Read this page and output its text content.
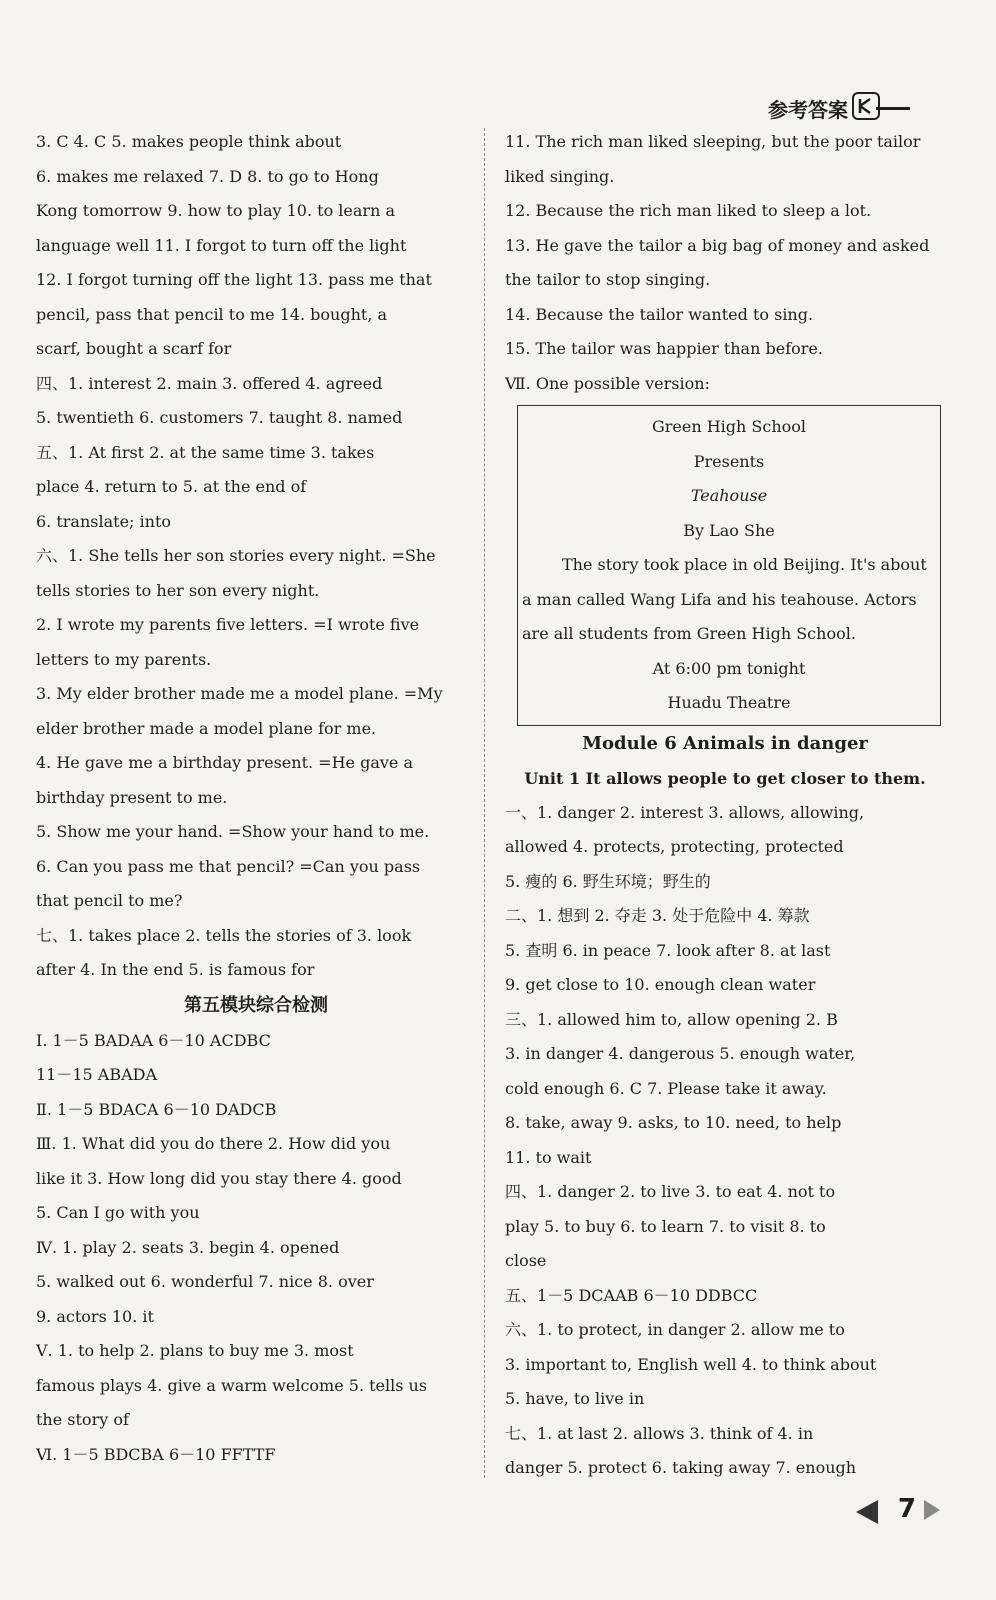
参考答案
3. C 4. C 5. makes people think about
6. makes me relaxed 7. D 8. to go to Hong
Kong tomorrow 9. how to play 10. to learn a
language well 11. I forgot to turn off the light
12. I forgot turning off the light 13. pass me that
pencil, pass that pencil to me 14. bought, a
scarf, bought a scarf for
四、1. interest 2. main 3. offered 4. agreed
5. twentieth 6. customers 7. taught 8. named
五、1. At first 2. at the same time 3. takes
place 4. return to 5. at the end of
6. translate; into
六、1. She tells her son stories every night. =She
tells stories to her son every night.
2. I wrote my parents five letters. =I wrote five
letters to my parents.
3. My elder brother made me a model plane. =My
elder brother made a model plane for me.
4. He gave me a birthday present. =He gave a
birthday present to me.
5. Show me your hand. =Show your hand to me.
6. Can you pass me that pencil? =Can you pass
that pencil to me?
七、1. takes place 2. tells the stories of 3. look
after 4. In the end 5. is famous for
第五模块综合检测
Ⅰ. 1－5 BADAA 6－10 ACDBC
11－15 ABADA
Ⅱ. 1－5 BDACA 6－10 DADCB
Ⅲ. 1. What did you do there 2. How did you
like it 3. How long did you stay there 4. good
5. Can I go with you
Ⅳ. 1. play 2. seats 3. begin 4. opened
5. walked out 6. wonderful 7. nice 8. over
9. actors 10. it
Ⅴ. 1. to help 2. plans to buy me 3. most
famous plays 4. give a warm welcome 5. tells us
the story of
Ⅵ. 1－5 BDCBA 6－10 FFTTF
11. The rich man liked sleeping, but the poor tailor
liked singing.
12. Because the rich man liked to sleep a lot.
13. He gave the tailor a big bag of money and asked
the tailor to stop singing.
14. Because the tailor wanted to sing.
15. The tailor was happier than before.
Ⅶ. One possible version:
Green High School
Presents
Teahouse
By Lao She
The story took place in old Beijing. It's about
a man called Wang Lifa and his teahouse. Actors
are all students from Green High School.
At 6:00 pm tonight
Huadu Theatre
Module 6 Animals in danger
Unit 1 It allows people to get closer to them.
一、1. danger 2. interest 3. allows, allowing,
allowed 4. protects, protecting, protected
5. 瘦的 6. 野生环境；野生的
二、1. 想到 2. 夺走 3. 处于危险中 4. 筹款
5. 查明 6. in peace 7. look after 8. at last
9. get close to 10. enough clean water
三、1. allowed him to, allow opening 2. B
3. in danger 4. dangerous 5. enough water,
cold enough 6. C 7. Please take it away.
8. take, away 9. asks, to 10. need, to help
11. to wait
四、1. danger 2. to live 3. to eat 4. not to
play 5. to buy 6. to learn 7. to visit 8. to
close
五、1－5 DCAAB 6－10 DDBCC
六、1. to protect, in danger 2. allow me to
3. important to, English well 4. to think about
5. have, to live in
七、1. at last 2. allows 3. think of 4. in
danger 5. protect 6. taking away 7. enough
7
